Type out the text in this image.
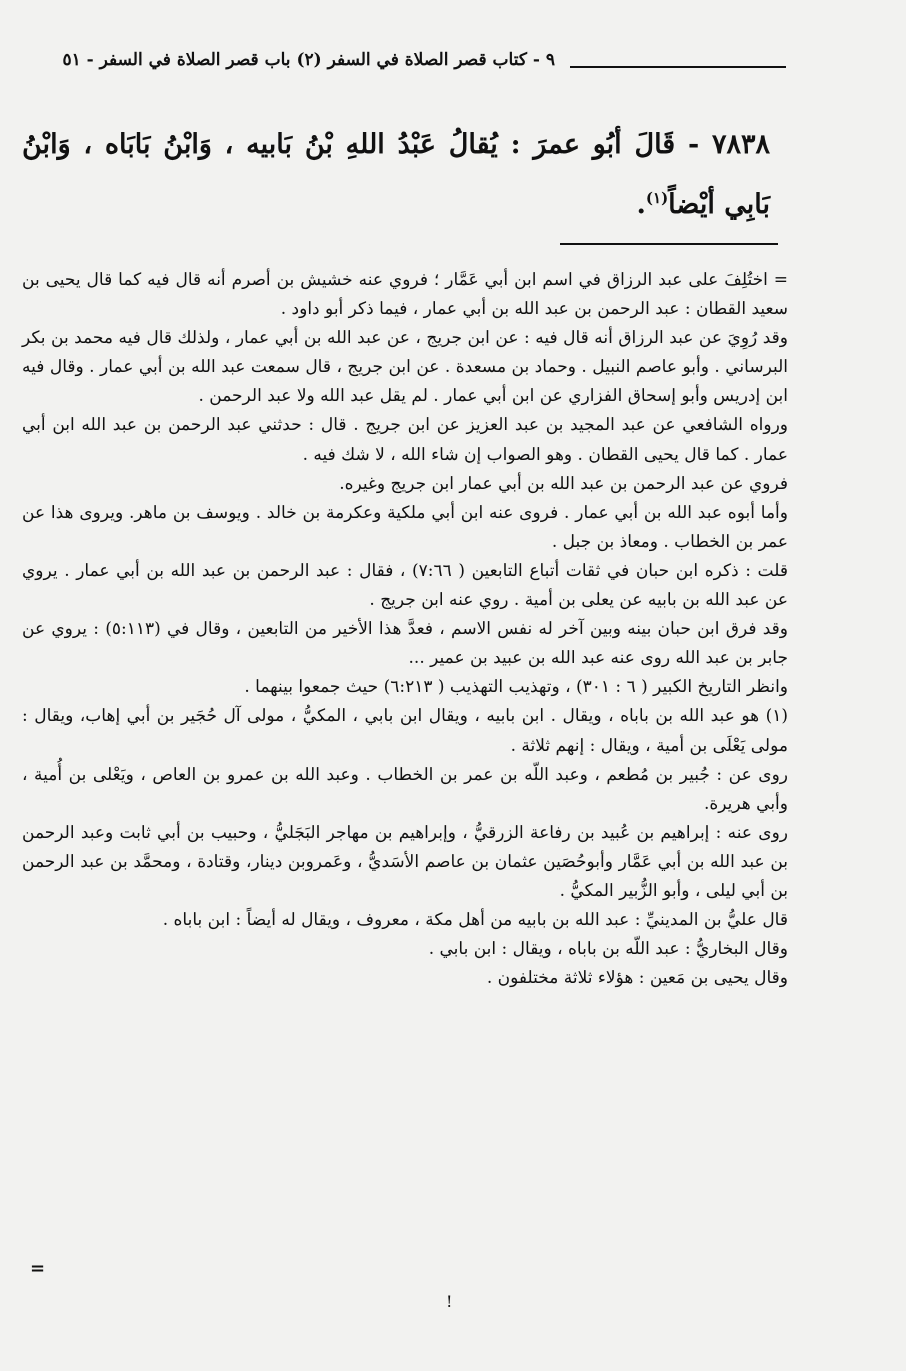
٩ - كتاب قصر الصلاة في السفر (٢) باب قصر الصلاة في السفر - ٥١
٧٨٣٨ - قَالَ أبُو عمرَ : يُقالُ عَبْدُ اللهِ بْنُ بَابيه ، وَابْنُ بَابَاه ، وَابْنُ بَابِي أيْضاً$^{(١)}$.

= اختُلِفَ على عبد الرزاق في اسم ابن أبي عَمَّار ؛ فروي عنه خشيش بن أصرم أنه قال فيه كما قال يحيى بن سعيد القطان : عبد الرحمن بن عبد الله بن أبي عمار ، فيما ذكر أبو داود .

وقد رُوِيَ عن عبد الرزاق أنه قال فيه : عن ابن جريج ، عن عبد الله بن أبي عمار ، ولذلك قال فيه محمد بن بكر البرساني . وأبو عاصم النبيل . وحماد بن مسعدة . عن ابن جريج ، قال سمعت عبد الله بن أبي عمار . وقال فيه ابن إدريس وأبو إسحاق الفزاري عن ابن أبي عمار . لم يقل عبد الله ولا عبد الرحمن .

ورواه الشافعي عن عبد المجيد بن عبد العزيز عن ابن جريج . قال : حدثني عبد الرحمن بن عبد الله ابن أبي عمار . كما قال يحيى القطان . وهو الصواب إن شاء الله ، لا شك فيه .

فروي عن عبد الرحمن بن عبد الله بن أبي عمار ابن جريج وغيره.

وأما أبوه عبد الله بن أبي عمار . فروى عنه ابن أبي ملكية وعكرمة بن خالد . ويوسف بن ماهر. ويروى هذا عن عمر بن الخطاب . ومعاذ بن جبل .

قلت : ذكره ابن حبان في ثقات أتباع التابعين ( ٧:٦٦) ، فقال : عبد الرحمن بن عبد الله بن أبي عمار . يروي عن عبد الله بن بابيه عن يعلى بن أمية . روي عنه ابن جريج .

وقد فرق ابن حبان بينه وبين آخر له نفس الاسم ، فعدَّ هذا الأخير من التابعين ، وقال في (٥:١١٣) : يروي عن جابر بن عبد الله روى عنه عبد الله بن عبيد بن عمير ...

وانظر التاريخ الكبير ( ٦ : ٣٠١) ، وتهذيب التهذيب ( ٦:٢١٣) حيث جمعوا بينهما .

(١) هو عبد الله بن باباه ، ويقال . ابن بابيه ، ويقال ابن بابي ، المكيُّ ، مولى آل حُجَير بن أبي إهاب، ويقال : مولى يَعْلَى بن أمية ، ويقال : إنهم ثلاثة .

روى عن : جُبير بن مُطعم ، وعبد اللّه بن عمر بن الخطاب . وعبد الله بن عمرو بن العاص ، ويَعْلى بن أُمية ، وأبي هريرة.

روى عنه : إبراهيم بن عُبيد بن رفاعة الزرقيُّ ، وإبراهيم بن مهاجر البَجَليُّ ، وحبيب بن أبي ثابت وعبد الرحمن بن عبد الله بن أبي عَمَّار وأبوحُصَين عثمان بن عاصم الأسَديُّ ، وعَمروبن دينار، وقتادة ، ومحمَّد بن عبد الرحمن بن أبي ليلى ، وأبو الزُّبير المكيُّ .

قال عليُّ بن المدينيِّ : عبد الله بن بابيه من أهل مكة ، معروف ، ويقال له أيضاً : ابن باباه .

وقال البخاريُّ : عبد اللّه بن باباه ، ويقال : ابن بابي .

وقال يحيى بن مَعين : هؤلاء ثلاثة مختلفون .

=
!
